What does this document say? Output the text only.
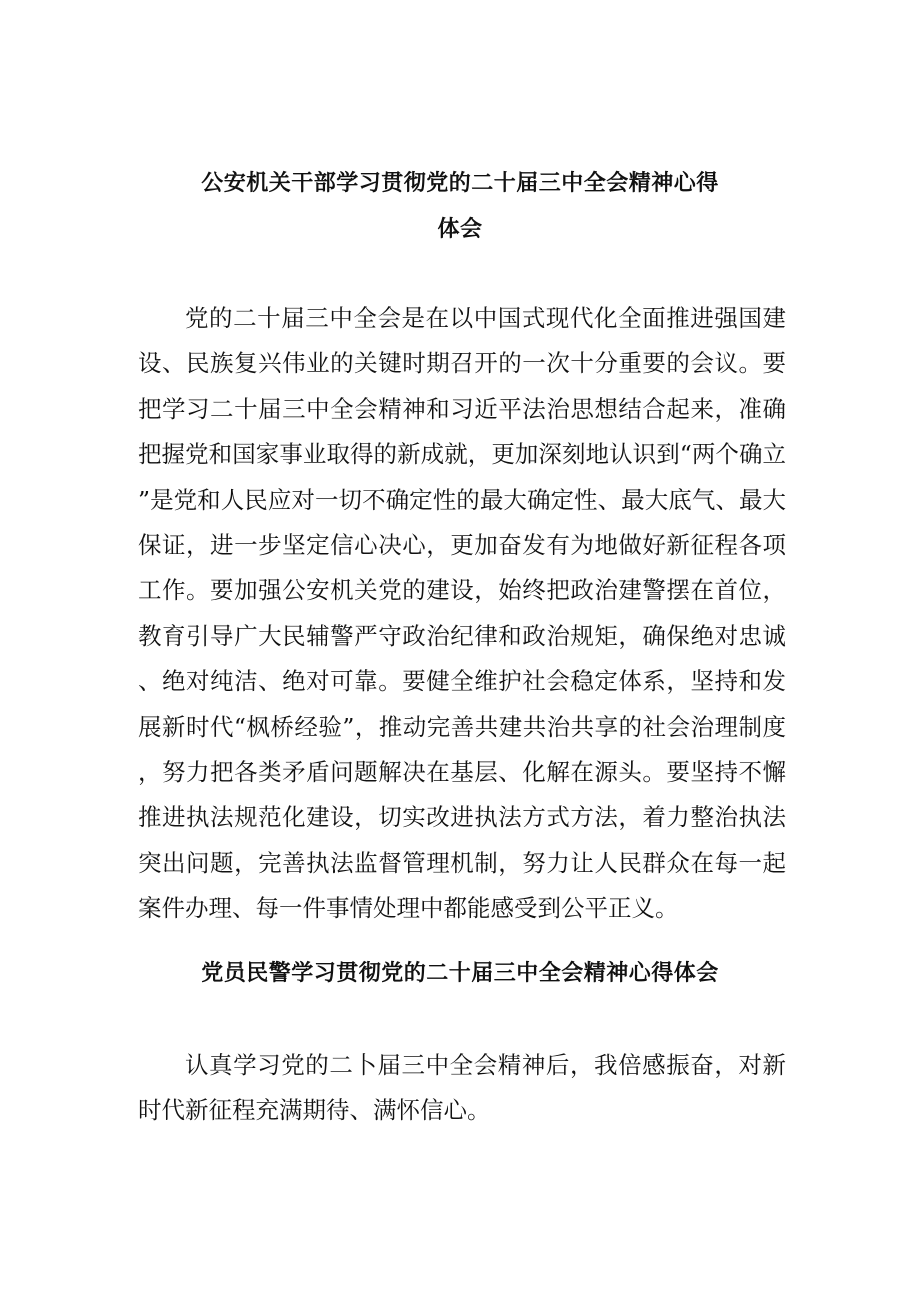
公安机关干部学习贯彻党的二十届三中全会精神心得
体会

党的二十届三中全会是在以中国式现代化全面推进强国建设、民族复兴伟业的关键时期召开的一次十分重要的会议。要把学习二十届三中全会精神和习近平法治思想结合起来，准确把握党和国家事业取得的新成就，更加深刻地认识到“两个确立”是党和人民应对一切不确定性的最大确定性、最大底气、最大保证，进一步坚定信心决心，更加奋发有为地做好新征程各项工作。要加强公安机关党的建设，始终把政治建警摆在首位，教育引导广大民辅警严守政治纪律和政治规矩，确保绝对忠诚、绝对纯洁、绝对可靠。要健全维护社会稳定体系，坚持和发展新时代“枫桥经验”，推动完善共建共治共享的社会治理制度，努力把各类矛盾问题解决在基层、化解在源头。要坚持不懈推进执法规范化建设，切实改进执法方式方法，着力整治执法突出问题，完善执法监督管理机制，努力让人民群众在每一起案件办理、每一件事情处理中都能感受到公平正义。

党员民警学习贯彻党的二十届三中全会精神心得体会

认真学习党的二卜届三中全会精神后，我倍感振奋，对新时代新征程充满期待、满怀信心。
